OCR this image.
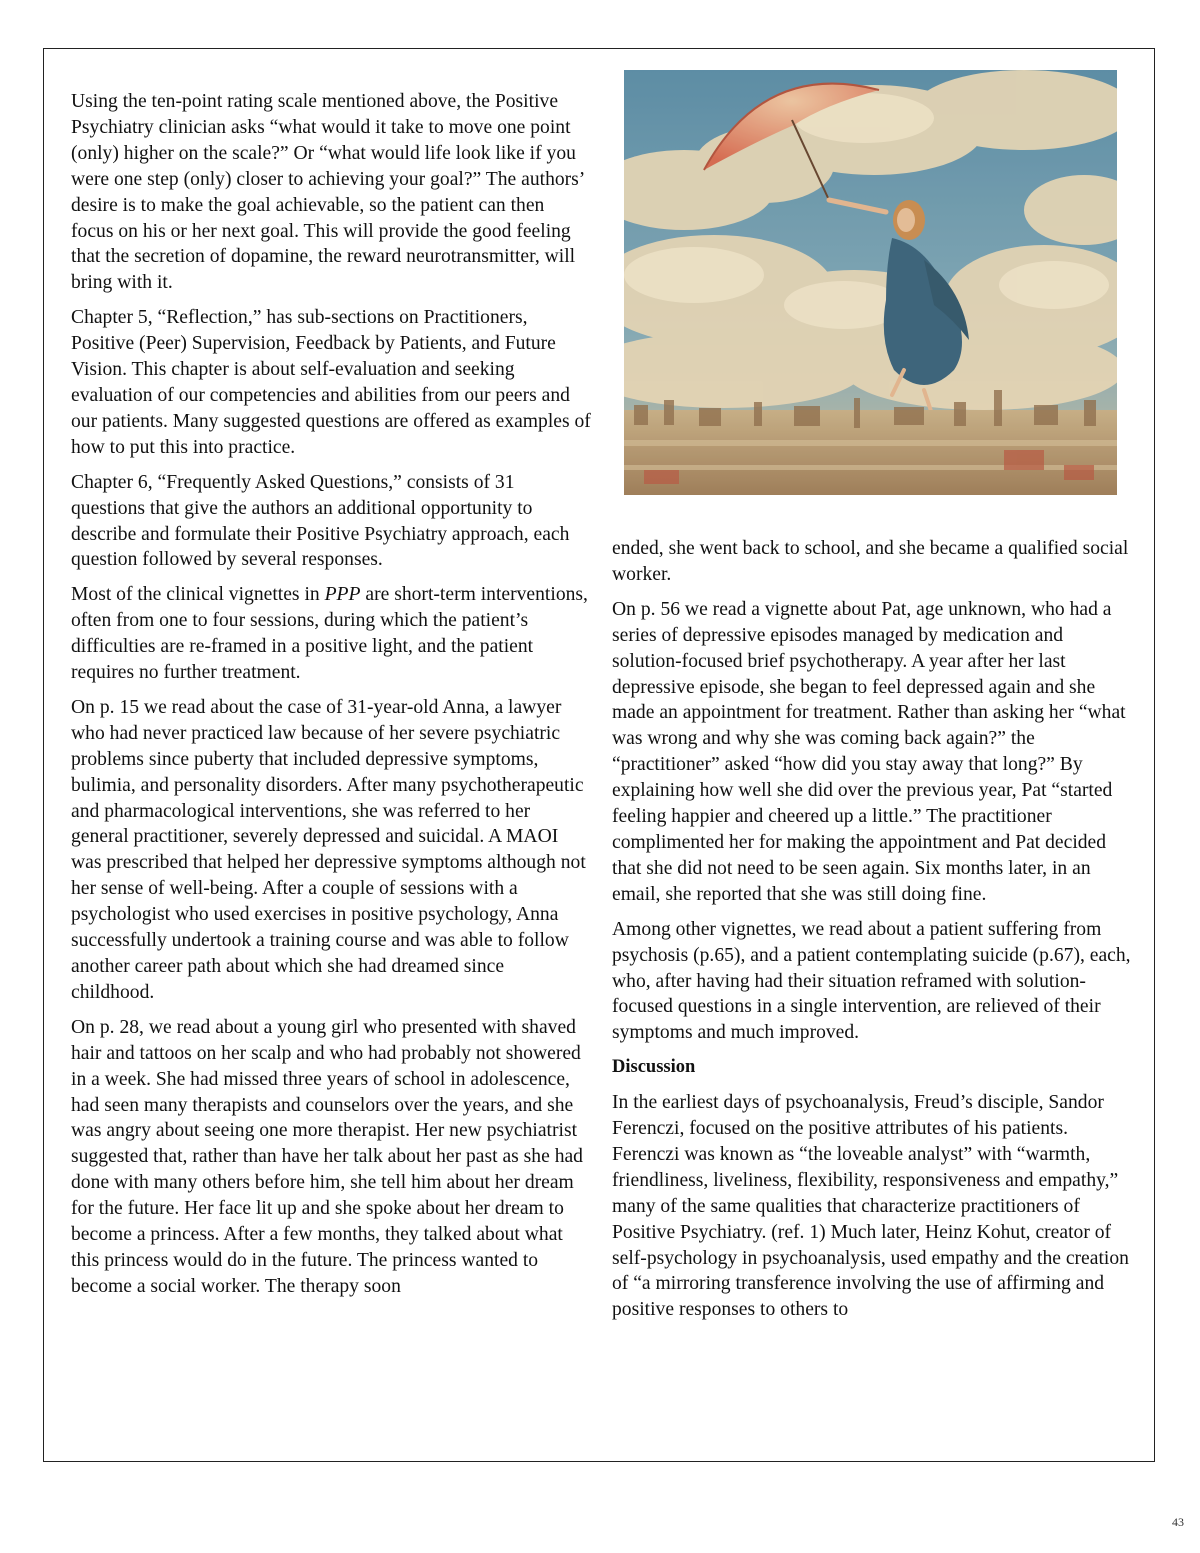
Using the ten-point rating scale mentioned above, the Positive Psychiatry clinician asks “what would it take to move one point (only) higher on the scale?” Or “what would life look like if you were one step (only) closer to achieving your goal?” The authors’ desire is to make the goal achievable, so the patient can then focus on his or her next goal. This will provide the good feeling that the secretion of dopamine, the reward neurotransmitter, will bring with it.

Chapter 5, “Reflection,” has sub-sections on Practitioners, Positive (Peer) Supervision, Feedback by Patients, and Future Vision. This chapter is about self-evaluation and seeking evaluation of our competencies and abilities from our peers and our patients. Many suggested questions are offered as examples of how to put this into practice.

Chapter 6, “Frequently Asked Questions,” consists of 31 questions that give the authors an additional opportunity to describe and formulate their Positive Psychiatry approach, each question followed by several responses.

Most of the clinical vignettes in PPP are short-term interventions, often from one to four sessions, during which the patient’s difficulties are re-framed in a positive light, and the patient requires no further treatment.

On p. 15 we read about the case of 31-year-old Anna, a lawyer who had never practiced law because of her severe psychiatric problems since puberty that included depressive symptoms, bulimia, and personality disorders. After many psychotherapeutic and pharmacological interventions, she was referred to her general practitioner, severely depressed and suicidal. A MAOI was prescribed that helped her depressive symptoms although not her sense of well-being. After a couple of sessions with a psychologist who used exercises in positive psychology, Anna successfully undertook a training course and was able to follow another career path about which she had dreamed since childhood.

On p. 28, we read about a young girl who presented with shaved hair and tattoos on her scalp and who had probably not showered in a week. She had missed three years of school in adolescence, had seen many therapists and counselors over the years, and she was angry about seeing one more therapist. Her new psychiatrist suggested that, rather than have her talk about her past as she had done with many others before him, she tell him about her dream for the future. Her face lit up and she spoke about her dream to become a princess. After a few months, they talked about what this princess would do in the future. The princess wanted to become a social worker. The therapy soon

ended, she went back to school, and she became a qualified social worker.

On p. 56 we read a vignette about Pat, age unknown, who had a series of depressive episodes managed by medication and solution-focused brief psychotherapy. A year after her last depressive episode, she began to feel depressed again and she made an appointment for treatment. Rather than asking her “what was wrong and why she was coming back again?” the “practitioner” asked “how did you stay away that long?” By explaining how well she did over the previous year, Pat “started feeling happier and cheered up a little.” The practitioner complimented her for making the appointment and Pat decided that she did not need to be seen again. Six months later, in an email, she reported that she was still doing fine.

Among other vignettes, we read about a patient suffering from psychosis (p.65), and a patient contemplating suicide (p.67), each, who, after having had their situation reframed with solution-focused questions in a single intervention, are relieved of their symptoms and much improved.

Discussion

In the earliest days of psychoanalysis, Freud’s disciple, Sandor Ferenczi, focused on the positive attributes of his patients. Ferenczi was known as “the loveable analyst” with “warmth, friendliness, liveliness, flexibility, responsiveness and empathy,” many of the same qualities that characterize practitioners of Positive Psychiatry. (ref. 1) Much later, Heinz Kohut, creator of self-psychology in psychoanalysis, used empathy and the creation of “a mirroring transference involving the use of affirming and positive responses to others to

43
